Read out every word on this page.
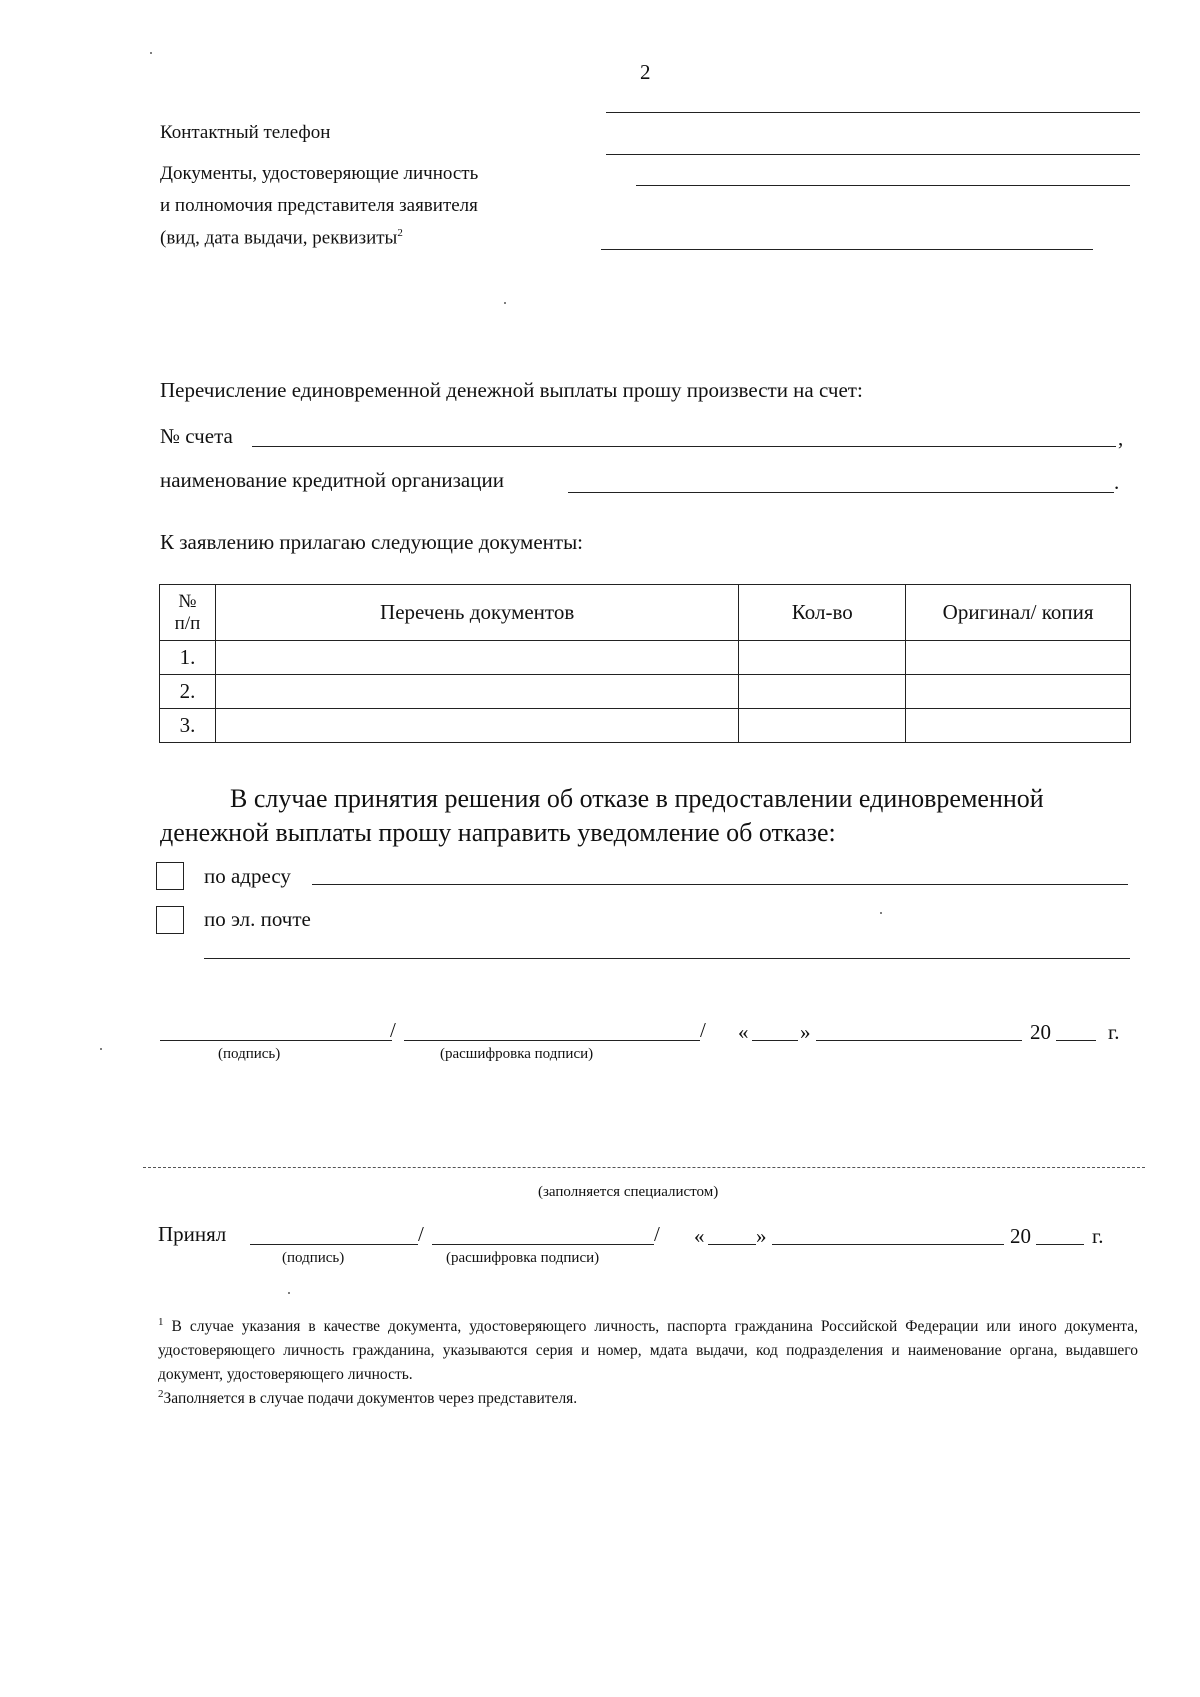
2
Контактный телефон
Документы, удостоверяющие личность
и полномочия представителя заявителя
(вид, дата выдачи, реквизиты$^2$
Перечисление единовременной денежной выплаты прошу произвести на счет:
№ счета	,
наименование кредитной организации	.
К заявлению прилагаю следующие документы:
№
п/п	Перечень документов	Кол-во	Оригинал/ копия
1.			
2.			
3.			
В случае принятия решения об отказе в предоставлении единовременной
денежной выплаты прошу направить уведомление об отказе:
по адресу
по эл. почте
/	/ « »	20	г.
(подпись)	(расшифровка подписи)
(заполняется специалистом)
Принял	/	/ « »	20	г.
(подпись)	(расшифровка подписи)
$^1$ В случае указания в качестве документа, удостоверяющего личность, паспорта гражданина Российской Федерации или иного документа, удостоверяющего личность гражданина, указываются серия и номер, мдата выдачи, код подразделения и наименование органа, выдавшего документ, удостоверяющего личность.
$^2$Заполняется в случае подачи документов через представителя.
